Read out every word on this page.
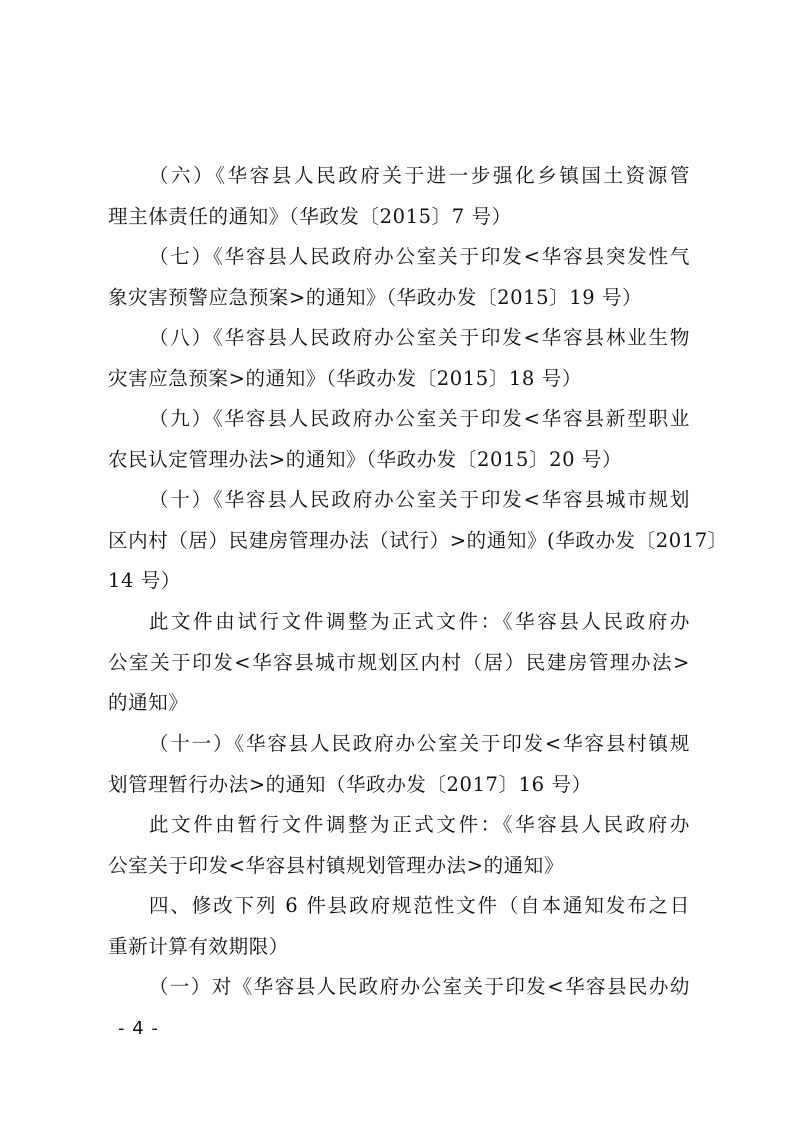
（六）《华容县人民政府关于进一步强化乡镇国土资源管
理主体责任的通知》（华政发〔2015〕7 号）
（七）《华容县人民政府办公室关于印发<华容县突发性气
象灾害预警应急预案>的通知》（华政办发〔2015〕19 号）
（八）《华容县人民政府办公室关于印发<华容县林业生物
灾害应急预案>的通知》（华政办发〔2015〕18 号）
（九）《华容县人民政府办公室关于印发<华容县新型职业
农民认定管理办法>的通知》（华政办发〔2015〕20 号）
（十）《华容县人民政府办公室关于印发<华容县城市规划
区内村（居）民建房管理办法（试行）>的通知》(华政办发〔2017〕
14 号）
此文件由试行文件调整为正式文件：《华容县人民政府办
公室关于印发<华容县城市规划区内村（居）民建房管理办法>
的通知》
（十一）《华容县人民政府办公室关于印发<华容县村镇规
划管理暂行办法>的通知（华政办发〔2017〕16 号）
此文件由暂行文件调整为正式文件：《华容县人民政府办
公室关于印发<华容县村镇规划管理办法>的通知》
四、修改下列 6 件县政府规范性文件（自本通知发布之日
重新计算有效期限）
（一）对《华容县人民政府办公室关于印发<华容县民办幼
- 4 -
